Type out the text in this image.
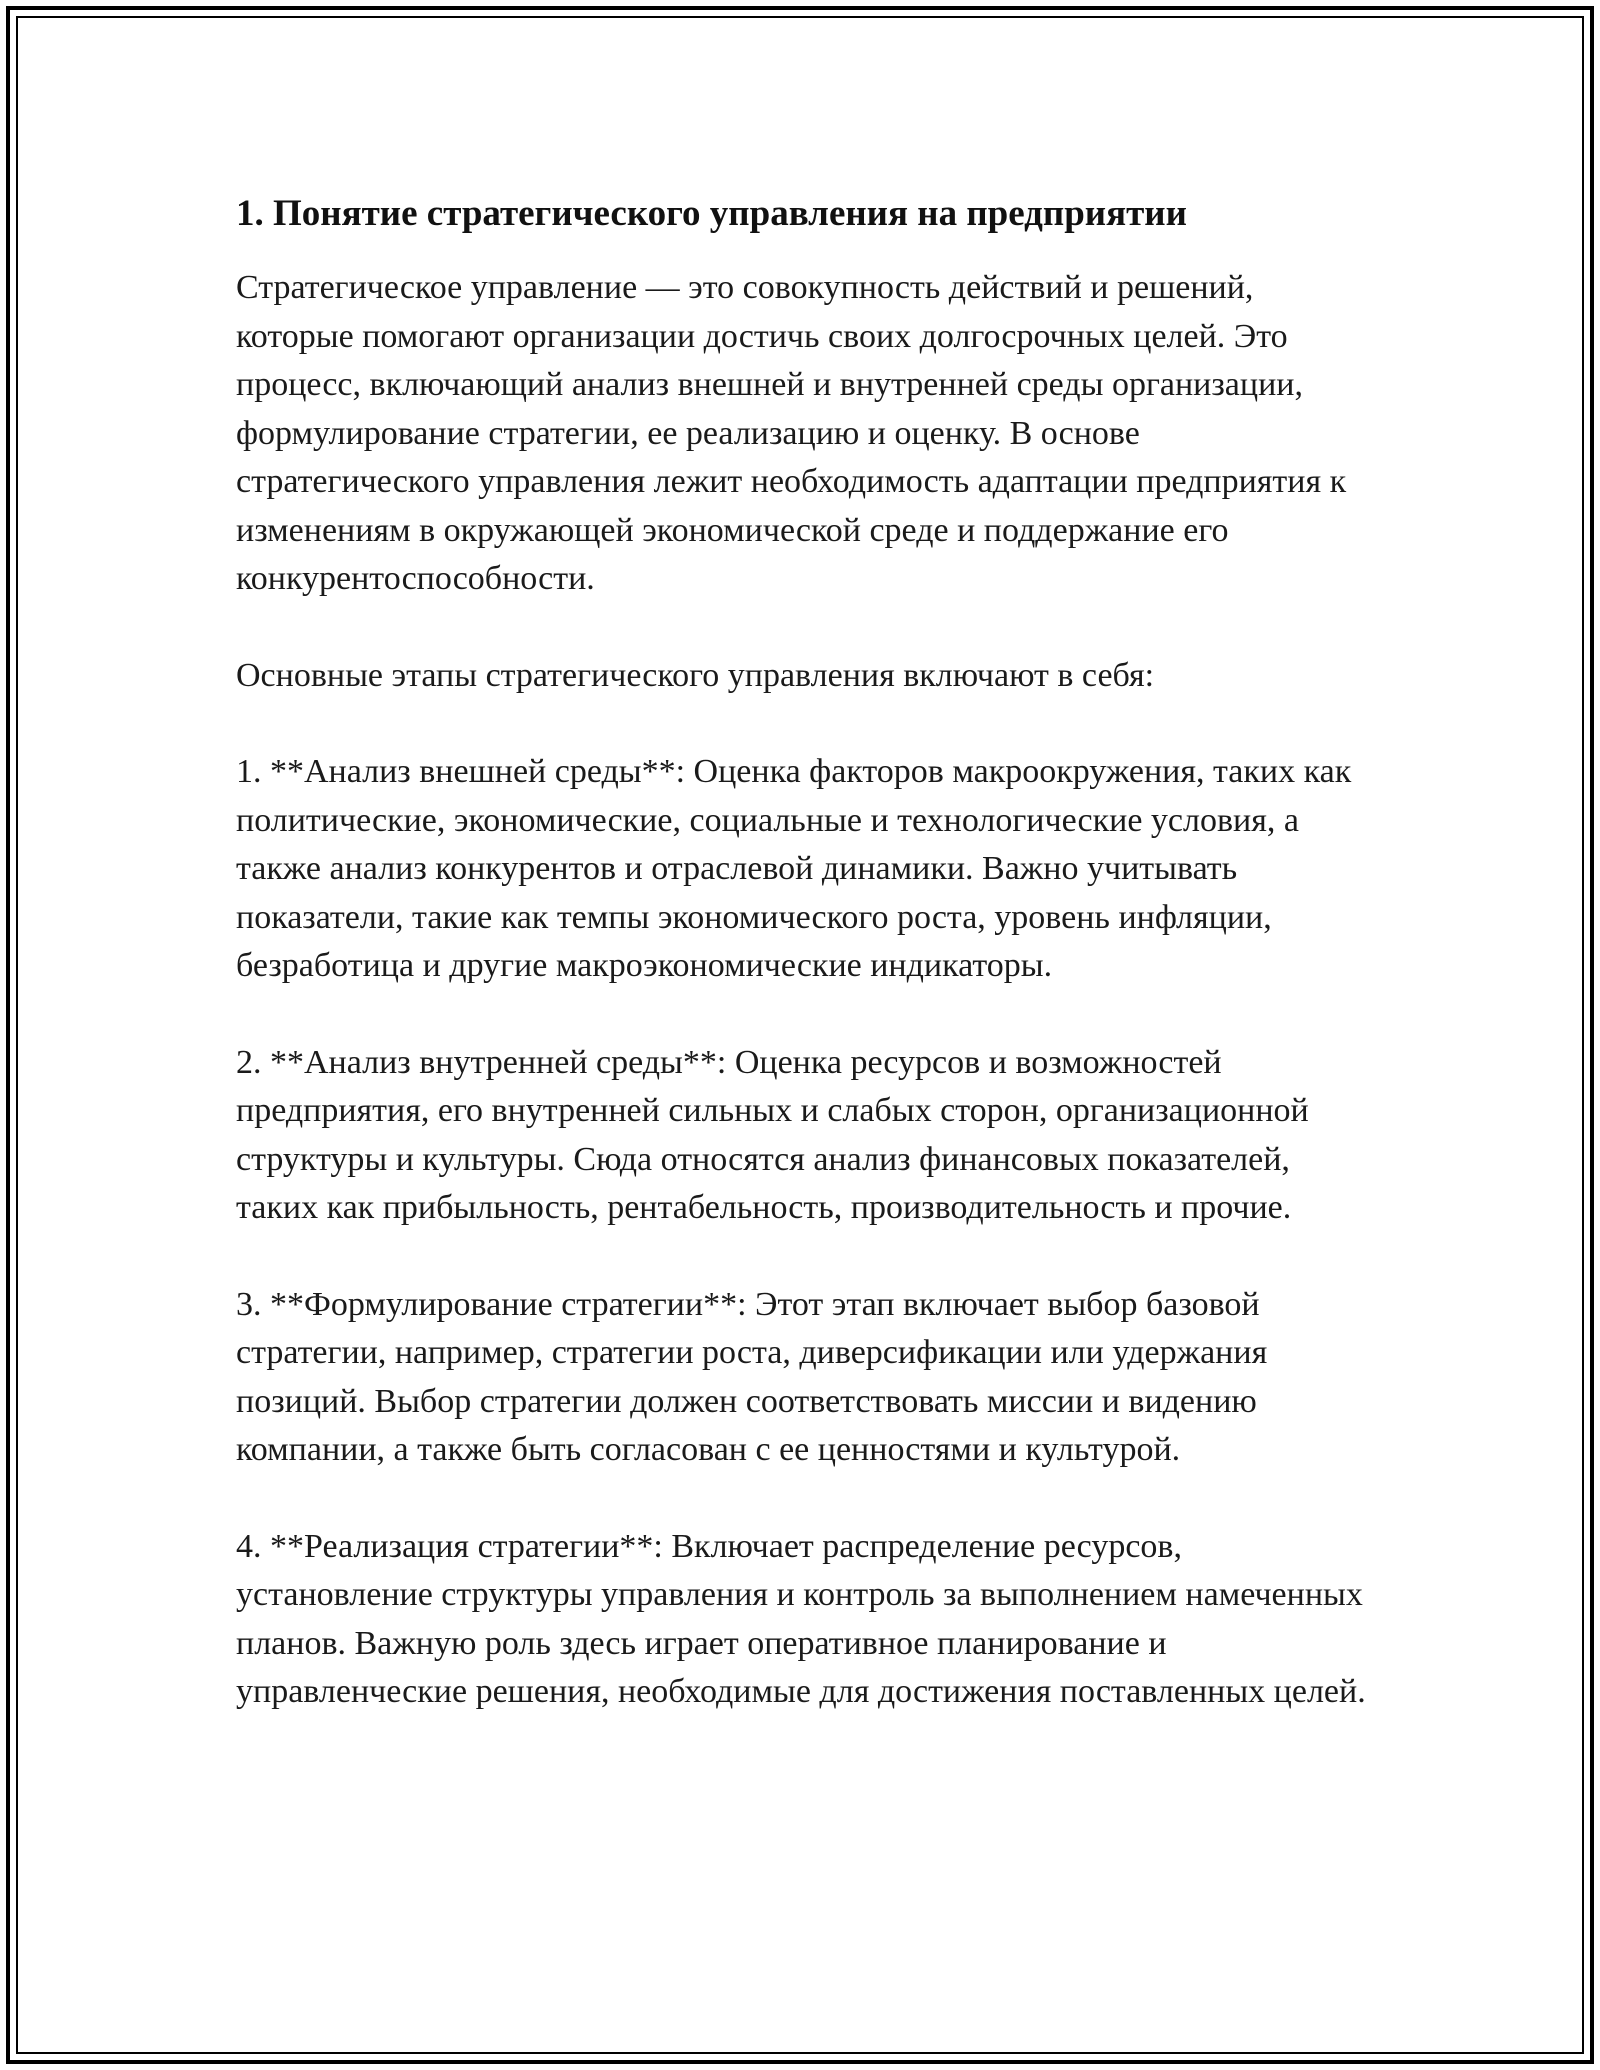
1. Понятие стратегического управления на предприятии

Стратегическое управление — это совокупность действий и решений, которые помогают организации достичь своих долгосрочных целей. Это процесс, включающий анализ внешней и внутренней среды организации, формулирование стратегии, ее реализацию и оценку. В основе стратегического управления лежит необходимость адаптации предприятия к изменениям в окружающей экономической среде и поддержание его конкурентоспособности.

Основные этапы стратегического управления включают в себя:

1. **Анализ внешней среды**: Оценка факторов макроокружения, таких как политические, экономические, социальные и технологические условия, а также анализ конкурентов и отраслевой динамики. Важно учитывать показатели, такие как темпы экономического роста, уровень инфляции, безработица и другие макроэкономические индикаторы.

2. **Анализ внутренней среды**: Оценка ресурсов и возможностей предприятия, его внутренней сильных и слабых сторон, организационной структуры и культуры. Сюда относятся анализ финансовых показателей, таких как прибыльность, рентабельность, производительность и прочие.

3. **Формулирование стратегии**: Этот этап включает выбор базовой стратегии, например, стратегии роста, диверсификации или удержания позиций. Выбор стратегии должен соответствовать миссии и видению компании, а также быть согласован с ее ценностями и культурой.

4. **Реализация стратегии**: Включает распределение ресурсов, установление структуры управления и контроль за выполнением намеченных планов. Важную роль здесь играет оперативное планирование и управленческие решения, необходимые для достижения поставленных целей.
